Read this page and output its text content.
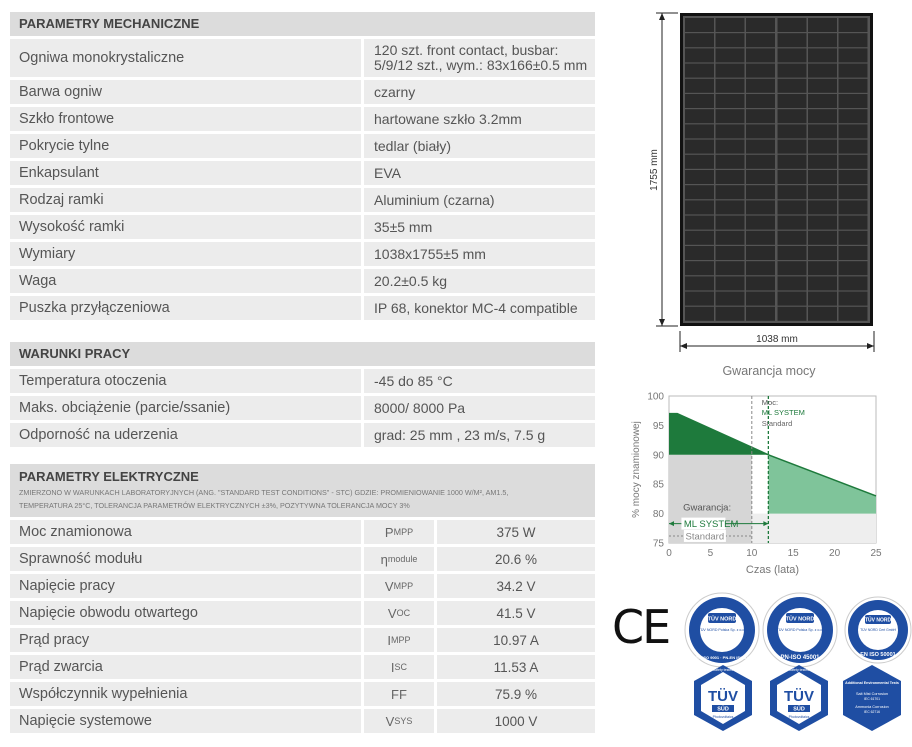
PARAMETRY MECHANICZNE
Ogniwa monokrystaliczne	120 szt. front contact, busbar:
5/9/12 szt., wym.: 83x166±0.5 mm
Barwa ogniw	czarny
Szkło frontowe	hartowane szkło 3.2mm
Pokrycie tylne	tedlar (biały)
Enkapsulant	EVA
Rodzaj ramki	Aluminium (czarna)
Wysokość ramki	35±5 mm
Wymiary	1038x1755±5 mm
Waga	20.2±0.5 kg
Puszka przyłączeniowa	IP 68, konektor MC-4 compatible
WARUNKI PRACY
Temperatura otoczenia	-45 do 85 °C
Maks. obciążenie (parcie/ssanie)	8000/ 8000 Pa
Odporność na uderzenia	grad: 25 mm , 23 m/s, 7.5 g
PARAMETRY ELEKTRYCZNE
ZMIERZONO W WARUNKACH LABORATORYJNYCH (ANG. "STANDARD TEST CONDITIONS" - STC) GDZIE: PROMIENIOWANIE 1000 W/M², AM1.5,
TEMPERATURA 25°C, TOLERANCJA PARAMETRÓW ELEKTRYCZNYCH ±3%, POZYTYWNA TOLERANCJA MOCY 3%
Moc znamionowa	P MPP	375 W
Sprawność modułu	η module	20.6 %
Napięcie pracy	V MPP	34.2 V
Napięcie obwodu otwartego	V OC	41.5 V
Prąd pracy	I MPP	10.97 A
Prąd zwarcia	I SC	11.53 A
Współczynnik wypełnienia	FF	75.9 %
Napięcie systemowe	V SYS	1000 V
1755 mm
1038 mm
0	5	10	15	20	25
75
80
85
90
95
100
Czas (lata)
% mocy znamionowej
Moc:
ML SYSTEM
Standard
Gwarancja:
ML SYSTEM
Standard
TÜV NORD
TÜV NORD Polska Sp. z o.o.
PN-EN ISO 9001 · PN-EN ISO 14001
TÜV NORD
TÜV NORD Polska Sp. z o.o.
PN-ISO 45001
TÜV NORD
TÜV NORD Cert GmbH
EN ISO 50001
Safety tested
TÜV
SÜD
Photovoltaics
Safety tested
TÜV
SÜD
Photovoltaics
Additional Environmental Tests
Salt Mist Corrosion
IEC 61701
Ammonia Corrosion
IEC 62716
Gwarancja mocy
CE
